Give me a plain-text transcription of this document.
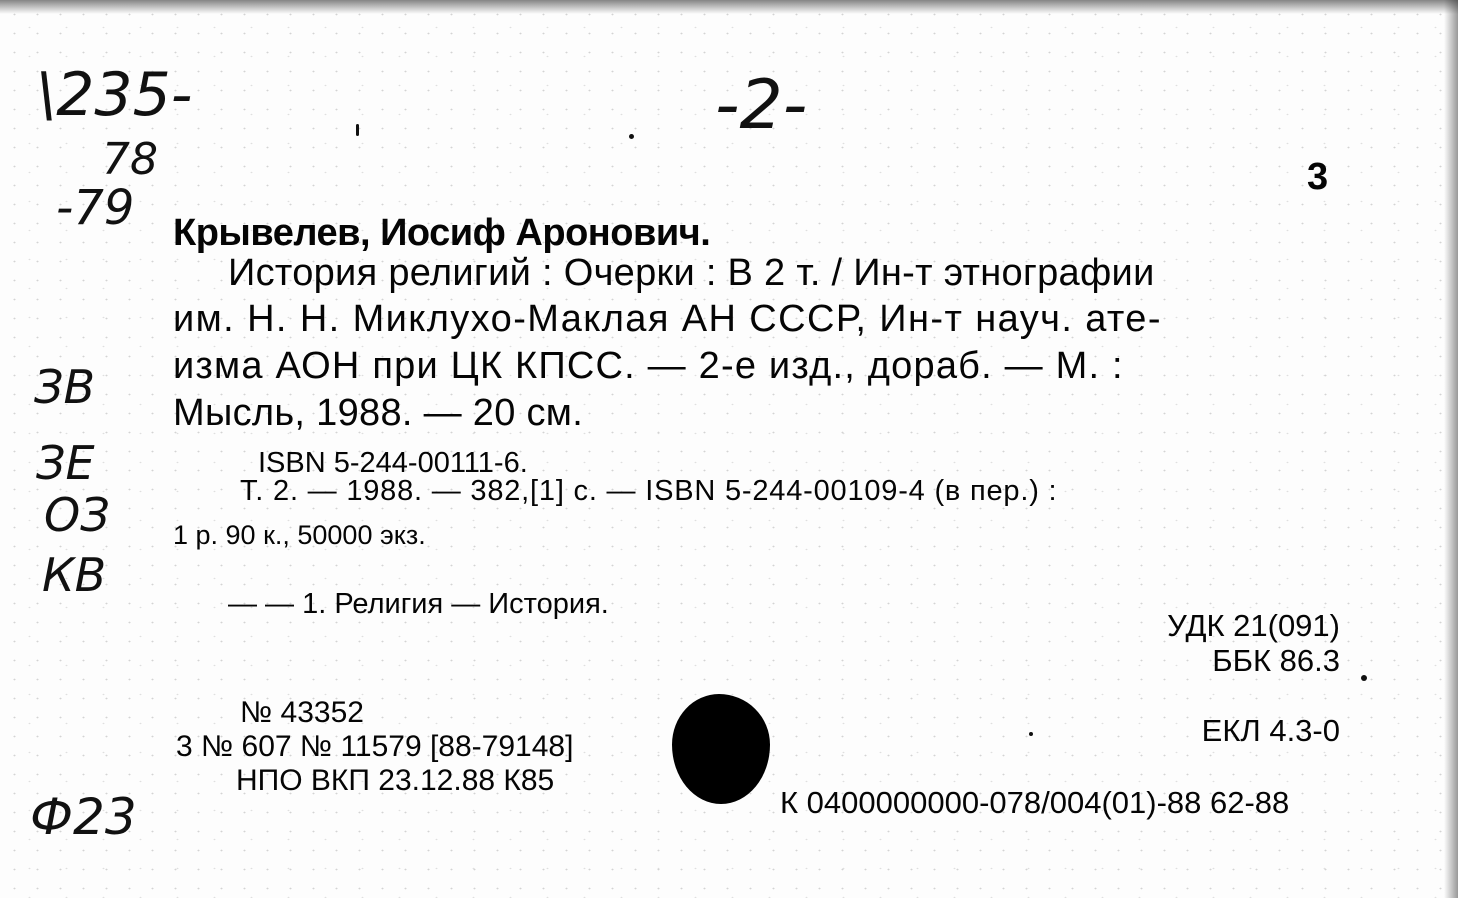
\235-
78
-79
-2-
ЗВ
ЗЕ
ОЗ
КВ
Ф23
3
Крывелев, Иосиф Аронович.
История религий : Очерки : В 2 т. / Ин-т этнографии
им. Н. Н. Миклухо-Маклая АН СССР, Ин-т науч. ате-
изма АОН при ЦК КПСС. — 2-е изд., дораб. — М. :
Мысль, 1988. — 20 см.
ISBN 5-244-00111-6.
Т. 2. — 1988. — 382,[1] с. — ISBN 5-244-00109-4 (в пер.) :
1 р. 90 к., 50000 экз.
— — 1. Религия — История.
УДК 21(091)
ББК 86.3
ЕКЛ 4.3-0
№ 43352
3 № 607 № 11579 [88-79148]
НПО ВКП 23.12.88 К85
К 0400000000-078/004(01)-88 62-88
